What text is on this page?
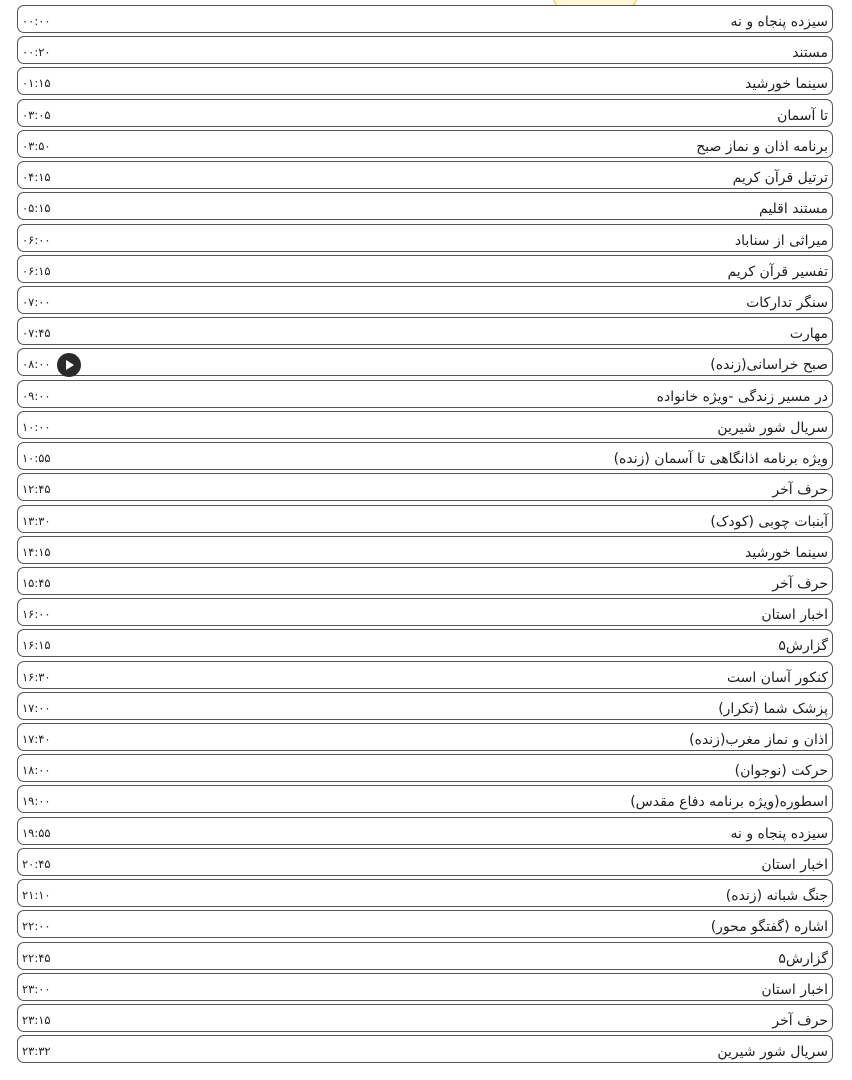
سیزده پنجاه و نه
۰۰:۰۰
مستند
۰۰:۲۰
سینما خورشید
۰۱:۱۵
تا آسمان
۰۳:۰۵
برنامه اذان و نماز صبح
۰۳:۵۰
ترتیل قرآن کریم
۰۴:۱۵
مستند اقلیم
۰۵:۱۵
میراثی از سناباد
۰۶:۰۰
تفسیر قرآن کریم
۰۶:۱۵
سنگر تدارکات
۰۷:۰۰
مهارت
۰۷:۴۵
صبح خراسانی(زنده)
۰۸:۰۰
در مسیر زندگی -ویژه خانواده
۰۹:۰۰
سریال شور شیرین
۱۰:۰۰
ویژه برنامه اذانگاهی تا آسمان (زنده)
۱۰:۵۵
حرف آخر
۱۲:۴۵
آبنبات چوبی (کودک)
۱۳:۳۰
سینما خورشید
۱۴:۱۵
حرف آخر
۱۵:۴۵
اخبار استان
۱۶:۰۰
گزارش۵
۱۶:۱۵
کنکور آسان است
۱۶:۳۰
پزشک شما (تکرار)
۱۷:۰۰
اذان و نماز مغرب(زنده)
۱۷:۴۰
حرکت (نوجوان)
۱۸:۰۰
اسطوره(ویژه برنامه دفاع مقدس)
۱۹:۰۰
سیزده پنجاه و نه
۱۹:۵۵
اخبار استان
۲۰:۴۵
جنگ شبانه (زنده)
۲۱:۱۰
اشاره (گفتگو محور)
۲۲:۰۰
گزارش۵
۲۲:۴۵
اخبار استان
۲۳:۰۰
حرف آخر
۲۳:۱۵
سریال شور شیرین
۲۳:۳۲
